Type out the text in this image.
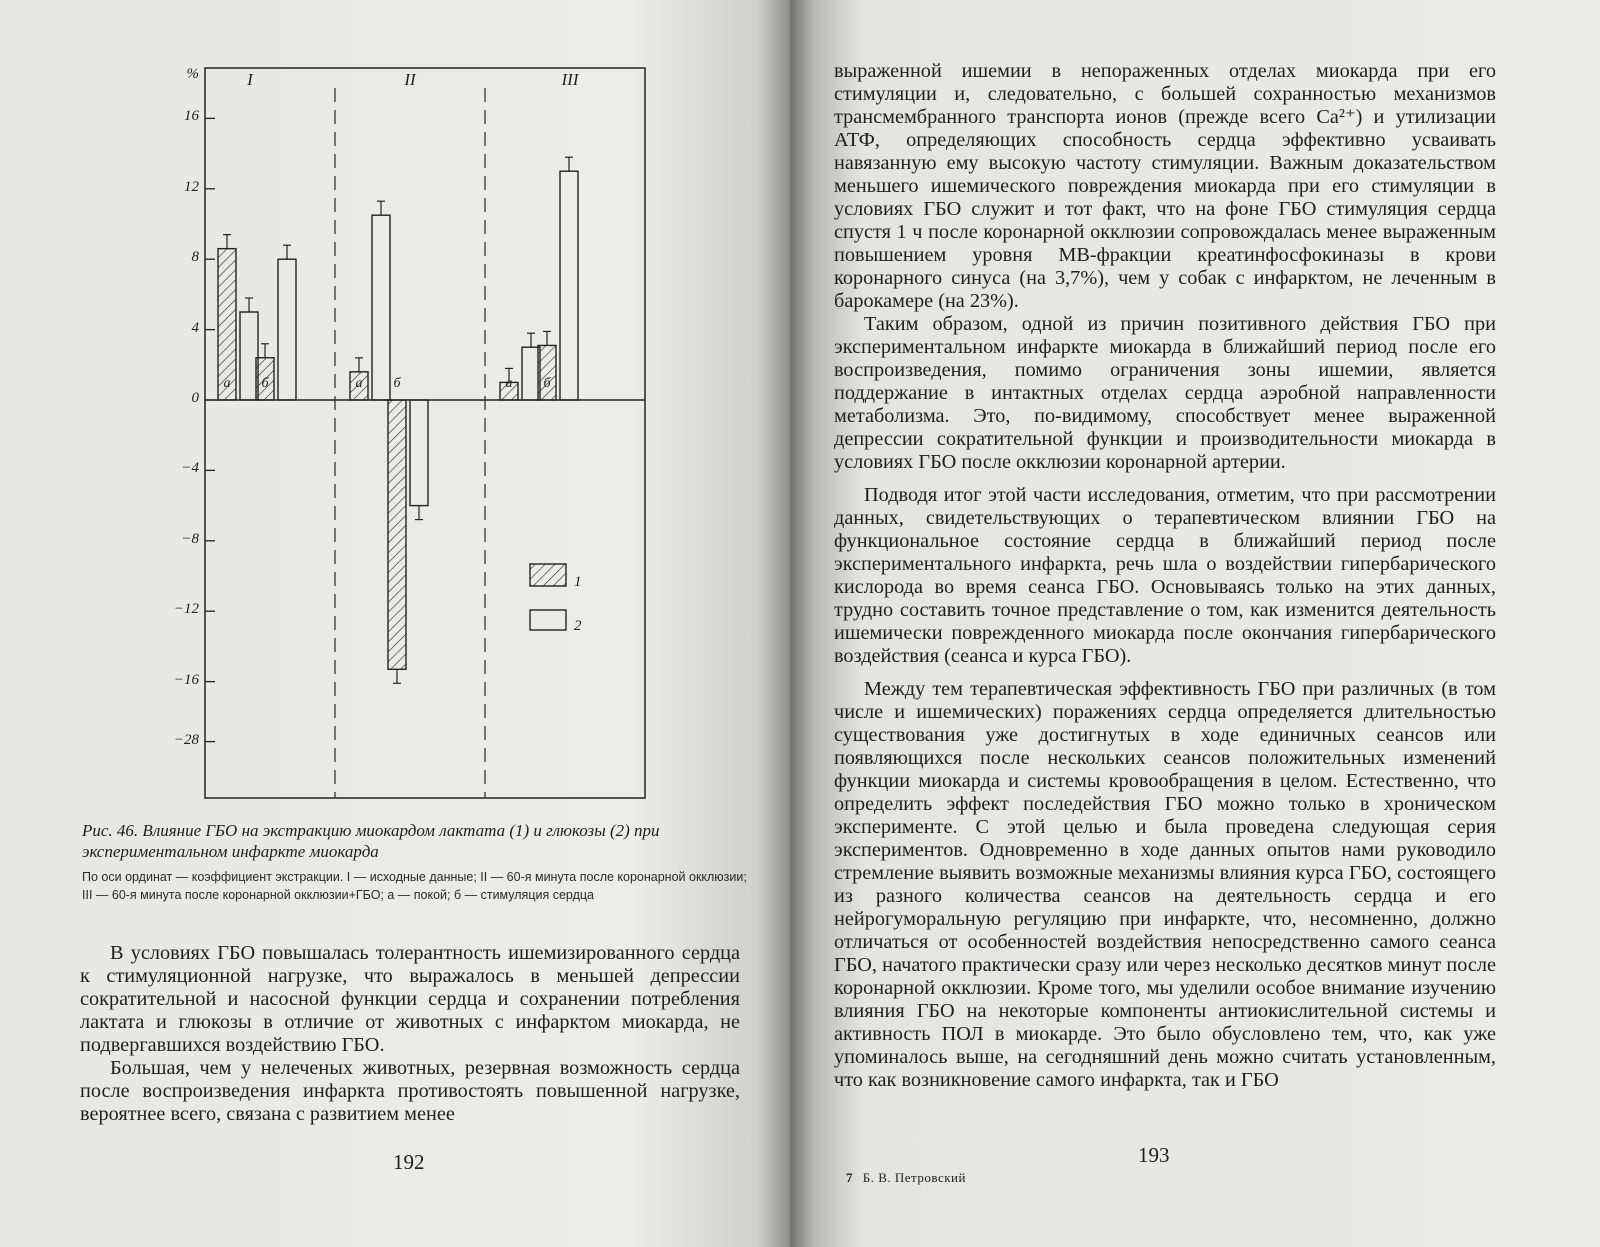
16
12
8
4
0
−4
−8
−12
−16
−28
%	I	II	III
a	б	a	б	a	б
1
2
Рис. 46. Влияние ГБО на экстракцию миокардом лактата (1) и глюкозы (2) при экспериментальном инфаркте миокарда
По оси ординат — коэффициент экстракции. I — исходные данные; II — 60-я минута после коронарной окклюзии; III — 60-я минута после коронарной окклюзии+ГБО; а — покой; б — стимуляция сердца

В условиях ГБО повышалась толерантность ишемизированного сердца к стимуляционной нагрузке, что выражалось в меньшей депрессии сократительной и насосной функции сердца и сохранении потребления лактата и глюкозы в отличие от животных с инфарктом миокарда, не подвергавшихся воздействию ГБО.

Большая, чем у нелеченых животных, резервная возможность сердца после воспроизведения инфаркта противостоять повышенной нагрузке, вероятнее всего, связана с развитием менее

192

выраженной ишемии в непораженных отделах миокарда при его стимуляции и, следовательно, с большей сохранностью механизмов трансмембранного транспорта ионов (прежде всего Ca²⁺) и утилизации АТФ, определяющих способность сердца эффективно усваивать навязанную ему высокую частоту стимуляции. Важным доказательством меньшего ишемического повреждения миокарда при его стимуляции в условиях ГБО служит и тот факт, что на фоне ГБО стимуляция сердца спустя 1 ч после коронарной окклюзии сопровождалась менее выраженным повышением уровня MB-фракции креатинфосфокиназы в крови коронарного синуса (на 3,7%), чем у собак с инфарктом, не леченным в барокамере (на 23%).

Таким образом, одной из причин позитивного действия ГБО при экспериментальном инфаркте миокарда в ближайший период после его воспроизведения, помимо ограничения зоны ишемии, является поддержание в интактных отделах сердца аэробной направленности метаболизма. Это, по-видимому, способствует менее выраженной депрессии сократительной функции и производительности миокарда в условиях ГБО после окклюзии коронарной артерии.

Подводя итог этой части исследования, отметим, что при рассмотрении данных, свидетельствующих о терапевтическом влиянии ГБО на функциональное состояние сердца в ближайший период после экспериментального инфаркта, речь шла о воздействии гипербарического кислорода во время сеанса ГБО. Основываясь только на этих данных, трудно составить точное представление о том, как изменится деятельность ишемически поврежденного миокарда после окончания гипербарического воздействия (сеанса и курса ГБО).

Между тем терапевтическая эффективность ГБО при различных (в том числе и ишемических) поражениях сердца определяется длительностью существования уже достигнутых в ходе единичных сеансов или появляющихся после нескольких сеансов положительных изменений функции миокарда и системы кровообращения в целом. Естественно, что определить эффект последействия ГБО можно только в хроническом эксперименте. С этой целью и была проведена следующая серия экспериментов. Одновременно в ходе данных опытов нами руководило стремление выявить возможные механизмы влияния курса ГБО, состоящего из разного количества сеансов на деятельность сердца и его нейрогуморальную регуляцию при инфаркте, что, несомненно, должно отличаться от особенностей воздействия непосредственно самого сеанса ГБО, начатого практически сразу или через несколько десятков минут после коронарной окклюзии. Кроме того, мы уделили особое внимание изучению влияния ГБО на некоторые компоненты антиокислительной системы и активность ПОЛ в миокарде. Это было обусловлено тем, что, как уже упоминалось выше, на сегодняшний день можно считать установленным, что как возникновение самого инфаркта, так и ГБО

7 Б. В. Петровский
193
